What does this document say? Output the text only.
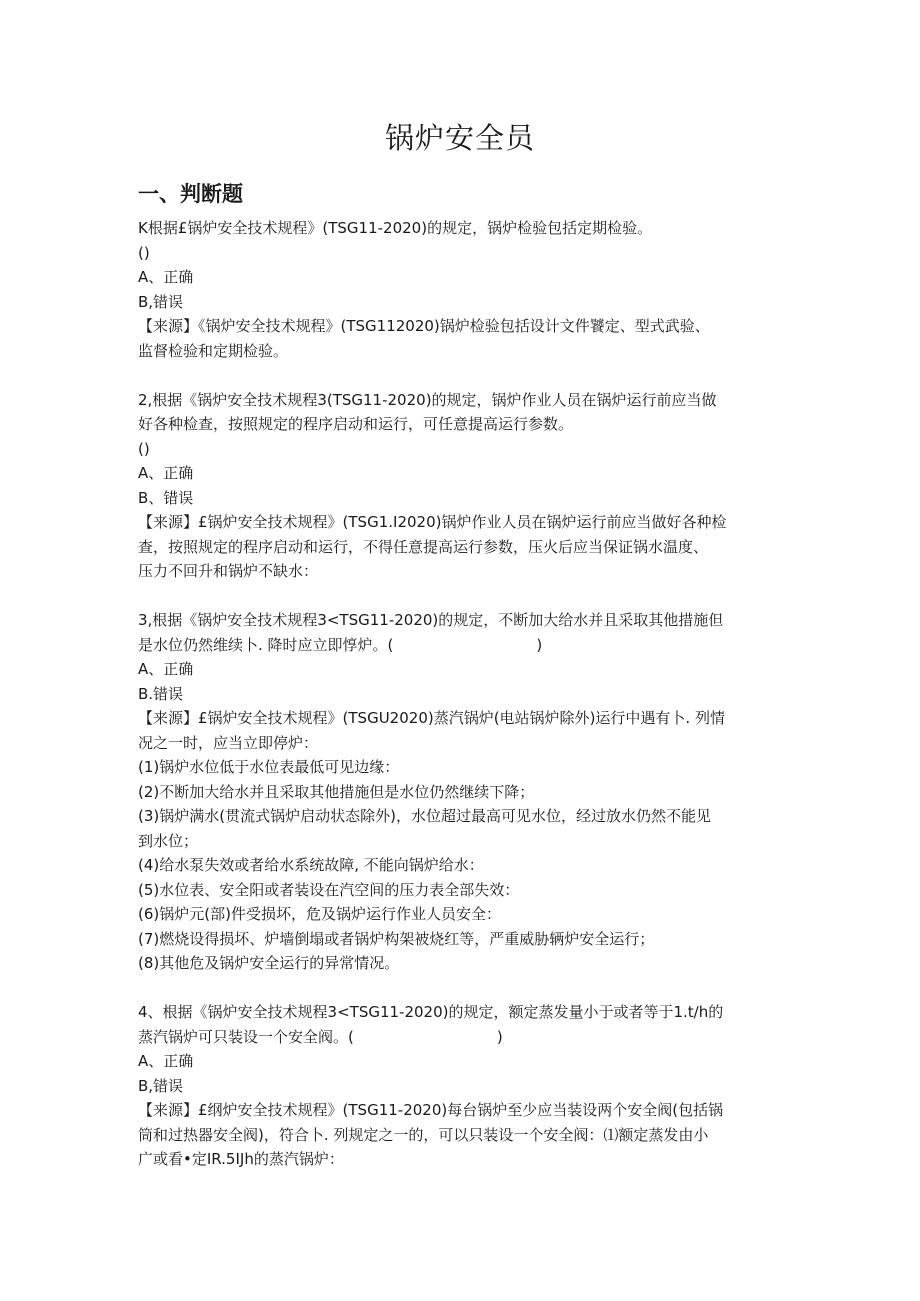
锅炉安全员
一、判断题
K根据£锅炉安全技术规程》(TSG11-2020)的规定，锅炉检验包括定期检验。
()
A、正确
B,错误
【来源】《锅炉安全技术规程》(TSG112020)锅炉检验包括设计文件饕定、型式武验、
监督检验和定期检验。
2,根据《锅炉安全技术规程3(TSG11-2020)的规定，锅炉作业人员在锅炉运行前应当做
好各种检查，按照规定的程序启动和运行，可任意提高运行参数。
()
A、正确
B、错误
【来源】£锅炉安全技术规程》(TSG1.I2020)锅炉作业人员在锅炉运行前应当做好各种检
查，按照规定的程序启动和运行，不得任意提高运行参数，压火后应当保证锅水温度、
压力不回升和锅炉不缺水：
3,根据《锅炉安全技术规程3<TSG11-2020)的规定，不断加大给水并且采取其他措施但
是水位仍然维续卜. 降时应立即惇炉。(                              )
A、正确
B.错误
【来源】£锅炉安全技术规程》(TSGU2020)蒸汽锅炉(电站锅炉除外)运行中遇有卜. 列情
况之一时，应当立即停炉：
(1)锅炉水位低于水位表最低可见边缘：
(2)不断加大给水并且采取其他措施但是水位仍然继续下降；
(3)锅炉满水(贯流式锅炉启动状态除外)，水位超过最高可见水位，经过放水仍然不能见
到水位；
(4)给水泵失效或者给水系统故障, 不能向锅炉给水：
(5)水位表、安全阳或者装设在汽空间的压力表全部失效：
(6)锅炉元(部)件受损坏，危及锅炉运行作业人员安全：
(7)燃烧设得损坏、炉墙倒塌或者锅炉构架被烧红等，严重威胁辆炉安全运行；
(8)其他危及锅炉安全运行的异常情况。
4、根据《锅炉安全技术规程3<TSG11-2020)的规定，额定蒸发量小于或者等于1.t∕h的
蒸汽锅炉可只装设一个安全阀。(                              )
A、正确
B,错误
【来源】£纲炉安全技术规程》(TSG11-2020)每台锅炉至少应当装设两个安全阀(包括锅
筒和过热器安全阀)，符合卜. 列规定之一的，可以只装设一个安全阀：⑴额定蒸发由小
广或看•定IR.5IJh的蒸汽锅炉：
